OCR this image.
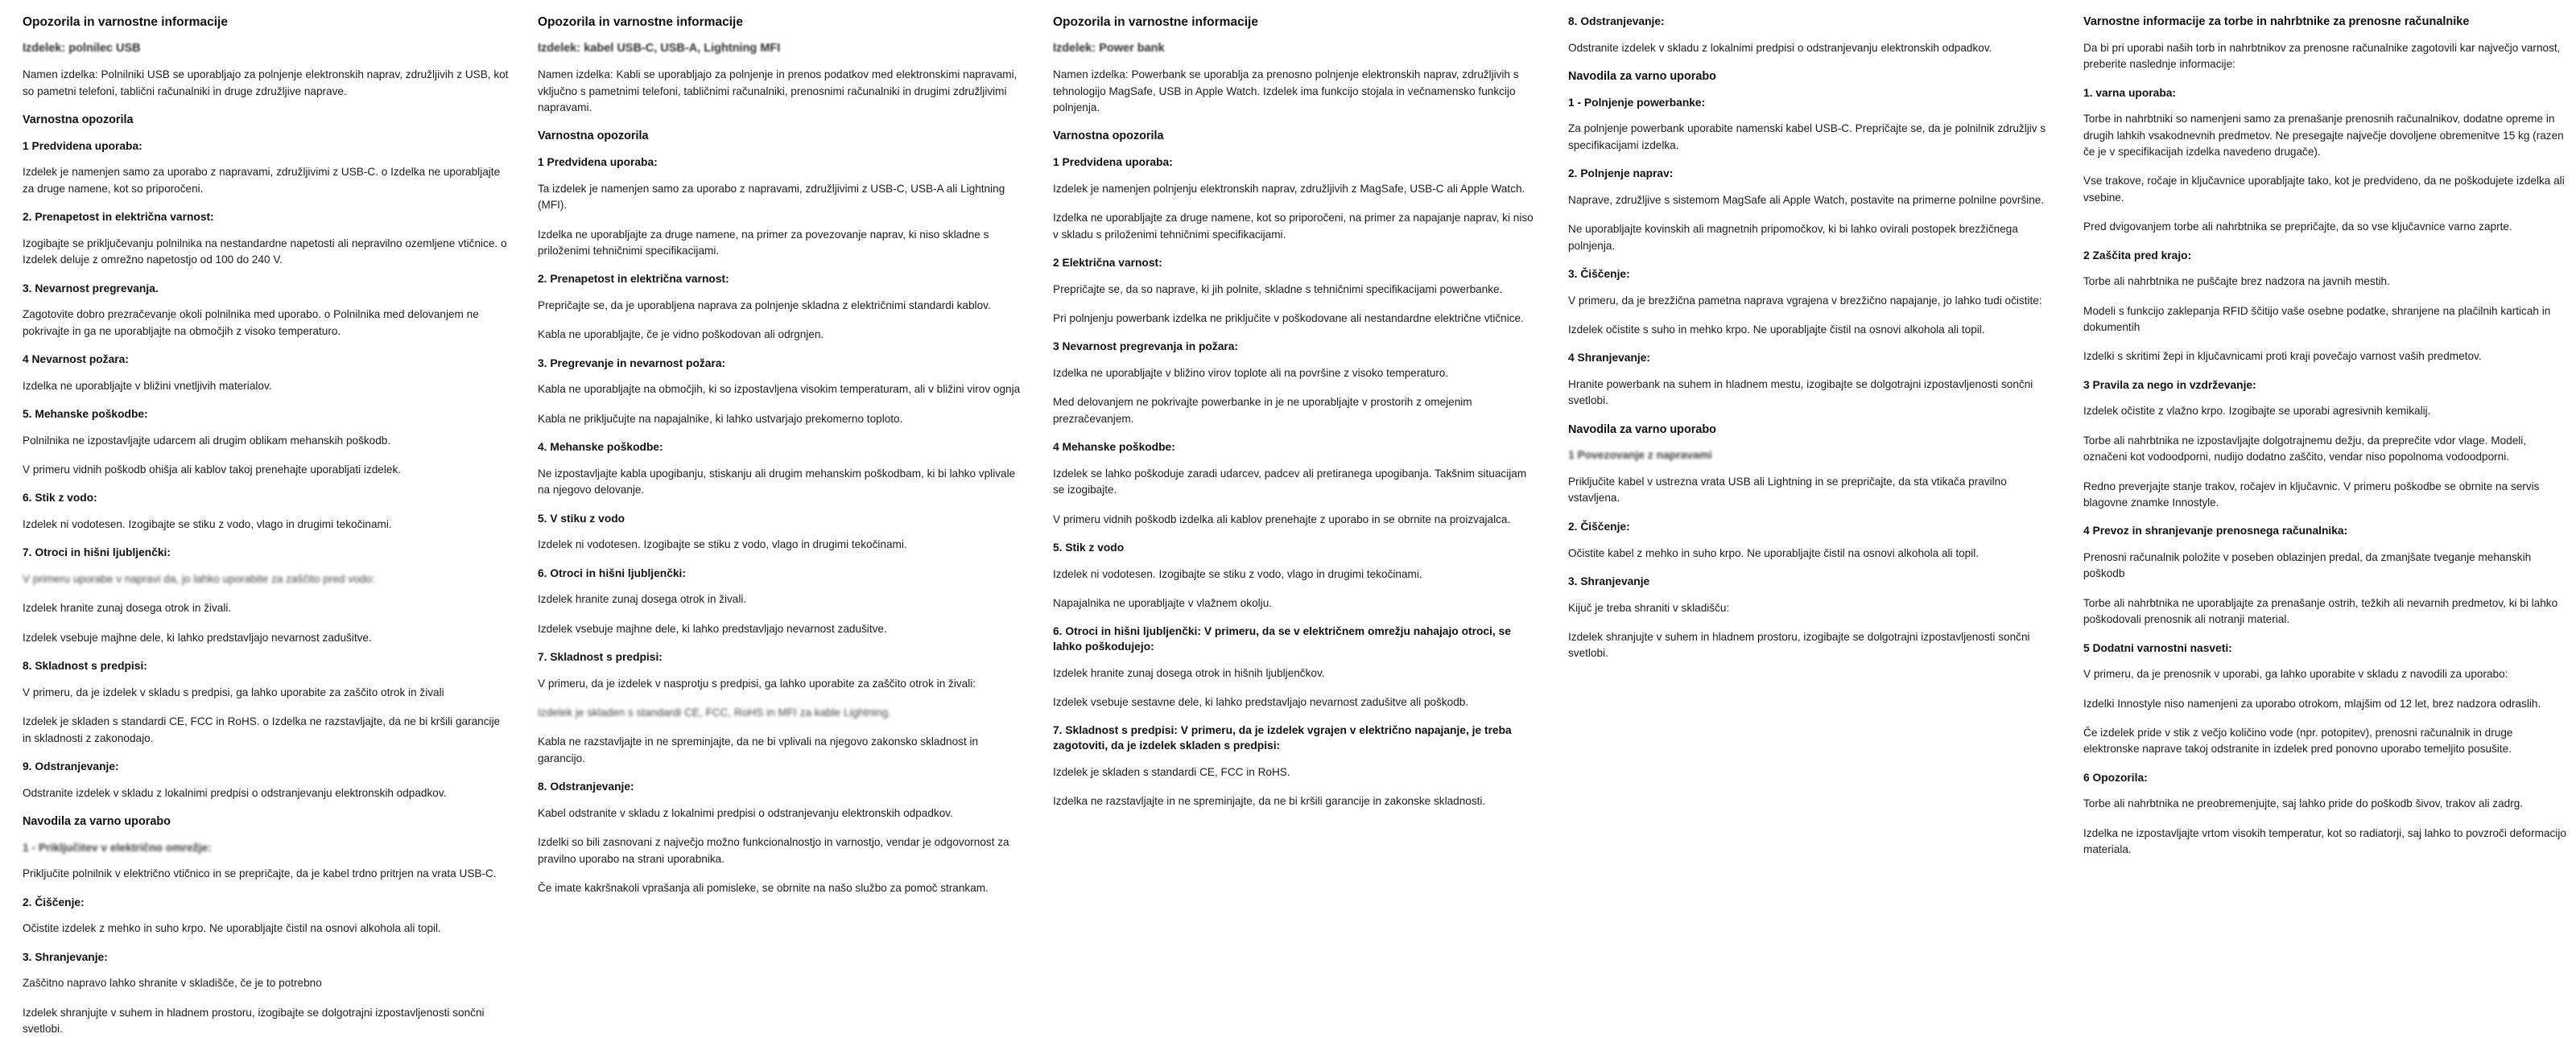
Opozorila in varnostne informacije
Izdelek: polnilec USB
Namen izdelka: Polnilniki USB se uporabljajo za polnjenje elektronskih naprav, združljivih z USB, kot so pametni telefoni, tablični računalniki in druge združljive naprave.
Varnostna opozorila
1 Predvidena uporaba:
Izdelek je namenjen samo za uporabo z napravami, združljivimi z USB-C. o Izdelka ne uporabljajte za druge namene, kot so priporočeni.
2. Prenapetost in električna varnost:
Izogibajte se priključevanju polnilnika na nestandardne napetosti ali nepravilno ozemljene vtičnice. o Izdelek deluje z omrežno napetostjo od 100 do 240 V.
3. Nevarnost pregrevanja.
Zagotovite dobro prezračevanje okoli polnilnika med uporabo. o Polnilnika med delovanjem ne pokrivajte in ga ne uporabljajte na območjih z visoko temperaturo.
4 Nevarnost požara:
Izdelka ne uporabljajte v bližini vnetljivih materialov.
5. Mehanske poškodbe:
Polnilnika ne izpostavljajte udarcem ali drugim oblikam mehanskih poškodb.
V primeru vidnih poškodb ohišja ali kablov takoj prenehajte uporabljati izdelek.
6. Stik z vodo:
Izdelek ni vodotesen. Izogibajte se stiku z vodo, vlago in drugimi tekočinami.
7. Otroci in hišni ljubljenčki:
V primeru uporabe v napravi da, jo lahko uporabite za zaščito pred vodo:
Izdelek hranite zunaj dosega otrok in živali.
Izdelek vsebuje majhne dele, ki lahko predstavljajo nevarnost zadušitve.
8. Skladnost s predpisi:
V primeru, da je izdelek v skladu s predpisi, ga lahko uporabite za zaščito otrok in živali
Izdelek je skladen s standardi CE, FCC in RoHS. o Izdelka ne razstavljajte, da ne bi kršili garancije in skladnosti z zakonodajo.
9. Odstranjevanje:
Odstranite izdelek v skladu z lokalnimi predpisi o odstranjevanju elektronskih odpadkov.
Navodila za varno uporabo
1 - Priključitev v električno omrežje:
Priključite polnilnik v električno vtičnico in se prepričajte, da je kabel trdno pritrjen na vrata USB-C.
2. Čiščenje:
Očistite izdelek z mehko in suho krpo. Ne uporabljajte čistil na osnovi alkohola ali topil.
3. Shranjevanje:
Zaščitno napravo lahko shranite v skladišče, če je to potrebno
Izdelek shranjujte v suhem in hladnem prostoru, izogibajte se dolgotrajni izpostavljenosti sončni svetlobi.
Opozorila in varnostne informacije
Izdelek: kabel USB-C, USB-A, Lightning MFI
Namen izdelka: Kabli se uporabljajo za polnjenje in prenos podatkov med elektronskimi napravami, vključno s pametnimi telefoni, tabličnimi računalniki, prenosnimi računalniki in drugimi združljivimi napravami.
Varnostna opozorila
1 Predvidena uporaba:
Ta izdelek je namenjen samo za uporabo z napravami, združljivimi z USB-C, USB-A ali Lightning (MFI).
Izdelka ne uporabljajte za druge namene, na primer za povezovanje naprav, ki niso skladne s priloženimi tehničnimi specifikacijami.
2. Prenapetost in električna varnost:
Prepričajte se, da je uporabljena naprava za polnjenje skladna z električnimi standardi kablov.
Kabla ne uporabljajte, če je vidno poškodovan ali odrgnjen.
3. Pregrevanje in nevarnost požara:
Kabla ne uporabljajte na območjih, ki so izpostavljena visokim temperaturam, ali v bližini virov ognja
Kabla ne priključujte na napajalnike, ki lahko ustvarjajo prekomerno toploto.
4. Mehanske poškodbe:
Ne izpostavljajte kabla upogibanju, stiskanju ali drugim mehanskim poškodbam, ki bi lahko vplivale na njegovo delovanje.
5. V stiku z vodo
Izdelek ni vodotesen. Izogibajte se stiku z vodo, vlago in drugimi tekočinami.
6. Otroci in hišni ljubljenčki:
Izdelek hranite zunaj dosega otrok in živali.
Izdelek vsebuje majhne dele, ki lahko predstavljajo nevarnost zadušitve.
7. Skladnost s predpisi:
V primeru, da je izdelek v nasprotju s predpisi, ga lahko uporabite za zaščito otrok in živali:
Izdelek je skladen s standardi CE, FCC, RoHS in MFI za kable Lightning.
Kabla ne razstavljajte in ne spreminjajte, da ne bi vplivali na njegovo zakonsko skladnost in garancijo.
8. Odstranjevanje:
Kabel odstranite v skladu z lokalnimi predpisi o odstranjevanju elektronskih odpadkov.
Izdelki so bili zasnovani z največjo možno funkcionalnostjo in varnostjo, vendar je odgovornost za pravilno uporabo na strani uporabnika.
Če imate kakršnakoli vprašanja ali pomislekе, se obrnite na našo službo za pomoč strankam.
Opozorila in varnostne informacije
Izdelek: Power bank
Namen izdelka: Powerbank se uporablja za prenosno polnjenje elektronskih naprav, združljivih s tehnologijo MagSafe, USB in Apple Watch. Izdelek ima funkcijo stojala in večnamensko funkcijo polnjenja.
Varnostna opozorila
1 Predvidena uporaba:
Izdelek je namenjen polnjenju elektronskih naprav, združljivih z MagSafe, USB-C ali Apple Watch.
Izdelka ne uporabljajte za druge namene, kot so priporočeni, na primer za napajanje naprav, ki niso v skladu s priloženimi tehničnimi specifikacijami.
2 Električna varnost:
Prepričajte se, da so naprave, ki jih polnite, skladne s tehničnimi specifikacijami powerbanke.
Pri polnjenju powerbank izdelka ne priključite v poškodovane ali nestandardne električne vtičnice.
3 Nevarnost pregrevanja in požara:
Izdelka ne uporabljajte v bližino virov toplote ali na površine z visoko temperaturo.
Med delovanjem ne pokrivajte powerbanke in je ne uporabljajte v prostorih z omejenim prezračevanjem.
4 Mehanske poškodbe:
Izdelek se lahko poškoduje zaradi udarcev, padcev ali pretiranega upogibanja. Takšnim situacijam se izogibajte.
V primeru vidnih poškodb izdelka ali kablov prenehajte z uporabo in se obrnite na proizvajalca.
5. Stik z vodo
Izdelek ni vodotesen. Izogibajte se stiku z vodo, vlago in drugimi tekočinami.
Napajalnika ne uporabljajte v vlažnem okolju.
6. Otroci in hišni ljubljenčki: V primeru, da se v električnem omrežju nahajajo otroci, se lahko poškodujejo:
Izdelek hranite zunaj dosega otrok in hišnih ljubljenčkov.
Izdelek vsebuje sestavne dele, ki lahko predstavljajo nevarnost zadušitve ali poškodb.
7. Skladnost s predpisi: V primeru, da je izdelek vgrajen v električno napajanje, je treba zagotoviti, da je izdelek skladen s predpisi:
Izdelek je skladen s standardi CE, FCC in RoHS.
Izdelka ne razstavljajte in ne spreminjajte, da ne bi kršili garancije in zakonske skladnosti.
8. Odstranjevanje:
Odstranite izdelek v skladu z lokalnimi predpisi o odstranjevanju elektronskih odpadkov.
Navodila za varno uporabo
1 - Polnjenje powerbanke:
Za polnjenje powerbank uporabite namenski kabel USB-C. Prepričajte se, da je polnilnik združljiv s specifikacijami izdelka.
2. Polnjenje naprav:
Naprave, združljive s sistemom MagSafe ali Apple Watch, postavite na primerne polnilne površine.
Ne uporabljajte kovinskih ali magnetnih pripomočkov, ki bi lahko ovirali postopek brezžičnega polnjenja.
3. Čiščenje:
V primeru, da je brezžična pametna naprava vgrajena v brezžično napajanje, jo lahko tudi očistite:
Izdelek očistite s suho in mehko krpo. Ne uporabljajte čistil na osnovi alkohola ali topil.
4 Shranjevanje:
Hranite powerbank na suhem in hladnem mestu, izogibajte se dolgotrajni izpostavljenosti sončni svetlobi.
Navodila za varno uporabo
1 Povezovanje z napravami
Priključite kabel v ustrezna vrata USB ali Lightning in se prepričajte, da sta vtikača pravilno vstavljena.
2. Čiščenje:
Očistite kabel z mehko in suho krpo. Ne uporabljajte čistil na osnovi alkohola ali topil.
3. Shranjevanje
Kijuč je treba shraniti v skladišču:
Izdelek shranjujte v suhem in hladnem prostoru, izogibajte se dolgotrajni izpostavljenosti sončni svetlobi.
Varnostne informacije za torbe in nahrbtnike za prenosne računalnike
Da bi pri uporabi naših torb in nahrbtnikov za prenosne računalnike zagotovili kar največjo varnost, preberite naslednje informacije:
1. varna uporaba:
Torbe in nahrbtniki so namenjeni samo za prenašanje prenosnih računalnikov, dodatne opreme in drugih lahkih vsakodnevnih predmetov. Ne presegajte največje dovoljene obremenitve 15 kg (razen če je v specifikacijah izdelka navedeno drugače).
Vse trakove, ročaje in ključavnice uporabljajte tako, kot je predvideno, da ne poškodujete izdelka ali vsebine.
Pred dvigovanjem torbe ali nahrbtnika se prepričajte, da so vse ključavnice varno zaprte.
2 Zaščita pred krajo:
Torbe ali nahrbtnika ne puščajte brez nadzora na javnih mestih.
Modeli s funkcijo zaklepanja RFID ščitijo vaše osebne podatke, shranjene na plačilnih karticah in dokumentih
Izdelki s skritimi žepi in ključavnicami proti kraji povečajo varnost vaših predmetov.
3 Pravila za nego in vzdrževanje:
Izdelek očistite z vlažno krpo. Izogibajte se uporabi agresivnih kemikalij.
Torbe ali nahrbtnika ne izpostavljajte dolgotrajnemu dežju, da preprečite vdor vlage. Modeli, označeni kot vodoodporni, nudijo dodatno zaščito, vendar niso popolnoma vodoodporni.
Redno preverjajte stanje trakov, ročajev in ključavnic. V primeru poškodbe se obrnite na servis blagovne znamke Innostyle.
4 Prevoz in shranjevanje prenosnega računalnika:
Prenosni računalnik položite v poseben oblazinjen predal, da zmanjšate tveganje mehanskih poškodb
Torbe ali nahrbtnika ne uporabljajte za prenašanje ostrih, težkih ali nevarnih predmetov, ki bi lahko poškodovali prenosnik ali notranji material.
5 Dodatni varnostni nasveti:
V primeru, da je prenosnik v uporabi, ga lahko uporabite v skladu z navodili za uporabo:
Izdelki Innostyle niso namenjeni za uporabo otrokom, mlajšim od 12 let, brez nadzora odraslih.
Če izdelek pride v stik z večjo količino vode (npr. potopitev), prenosni računalnik in druge elektronske naprave takoj odstranite in izdelek pred ponovno uporabo temeljito posušite.
6 Opozorila:
Torbe ali nahrbtnika ne preobremenjujte, saj lahko pride do poškodb šivov, trakov ali zadrg.
Izdelka ne izpostavljajte vrtom visokih temperatur, kot so radiatorji, saj lahko to povzroči deformacijo materiala.
